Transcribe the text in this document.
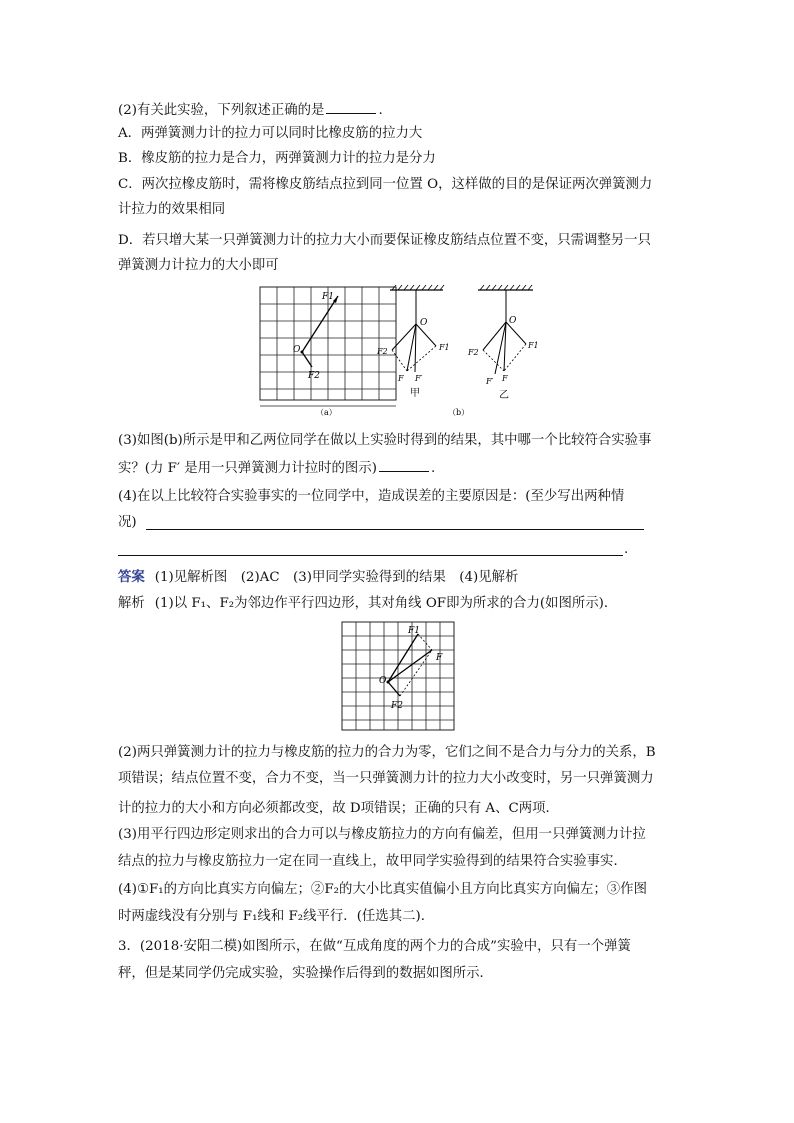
(2)有关此实验，下列叙述正确的是	.
A．两弹簧测力计的拉力可以同时比橡皮筋的拉力大
B．橡皮筋的拉力是合力，两弹簧测力计的拉力是分力
C．两次拉橡皮筋时，需将橡皮筋结点拉到同一位置 O，这样做的目的是保证两次弹簧测力
计拉力的效果相同
D．若只增大某一只弹簧测力计的拉力大小而要保证橡皮筋结点位置不变，只需调整另一只
弹簧测力计拉力的大小即可
F1
O
F2
（a）
O
F1
F2
F F′
甲
（b）
O
F1
F2
F
F′
乙
(3)如图(b)所示是甲和乙两位同学在做以上实验时得到的结果，其中哪一个比较符合实验事
实？(力 F′ 是用一只弹簧测力计拉时的图示)	.
(4)在以上比较符合实验事实的一位同学中，造成误差的主要原因是：(至少写出两种情
况)
.
答案 (1)见解析图　(2)AC　(3)甲同学实验得到的结果　(4)见解析
解析 (1)以 F₁、F₂为邻边作平行四边形，其对角线 OF即为所求的合力(如图所示)．
F1
F
O
F2
(2)两只弹簧测力计的拉力与橡皮筋的拉力的合力为零，它们之间不是合力与分力的关系，B
项错误；结点位置不变，合力不变，当一只弹簧测力计的拉力大小改变时，另一只弹簧测力
计的拉力的大小和方向必须都改变，故 D项错误；正确的只有 A、C两项．
(3)用平行四边形定则求出的合力可以与橡皮筋拉力的方向有偏差，但用一只弹簧测力计拉
结点的拉力与橡皮筋拉力一定在同一直线上，故甲同学实验得到的结果符合实验事实．
(4)①F₁的方向比真实方向偏左；②F₂的大小比真实值偏小且方向比真实方向偏左；③作图
时两虚线没有分别与 F₁线和 F₂线平行．(任选其二)．
3．(2018·安阳二模)如图所示，在做“互成角度的两个力的合成”实验中，只有一个弹簧
秤，但是某同学仍完成实验，实验操作后得到的数据如图所示．
